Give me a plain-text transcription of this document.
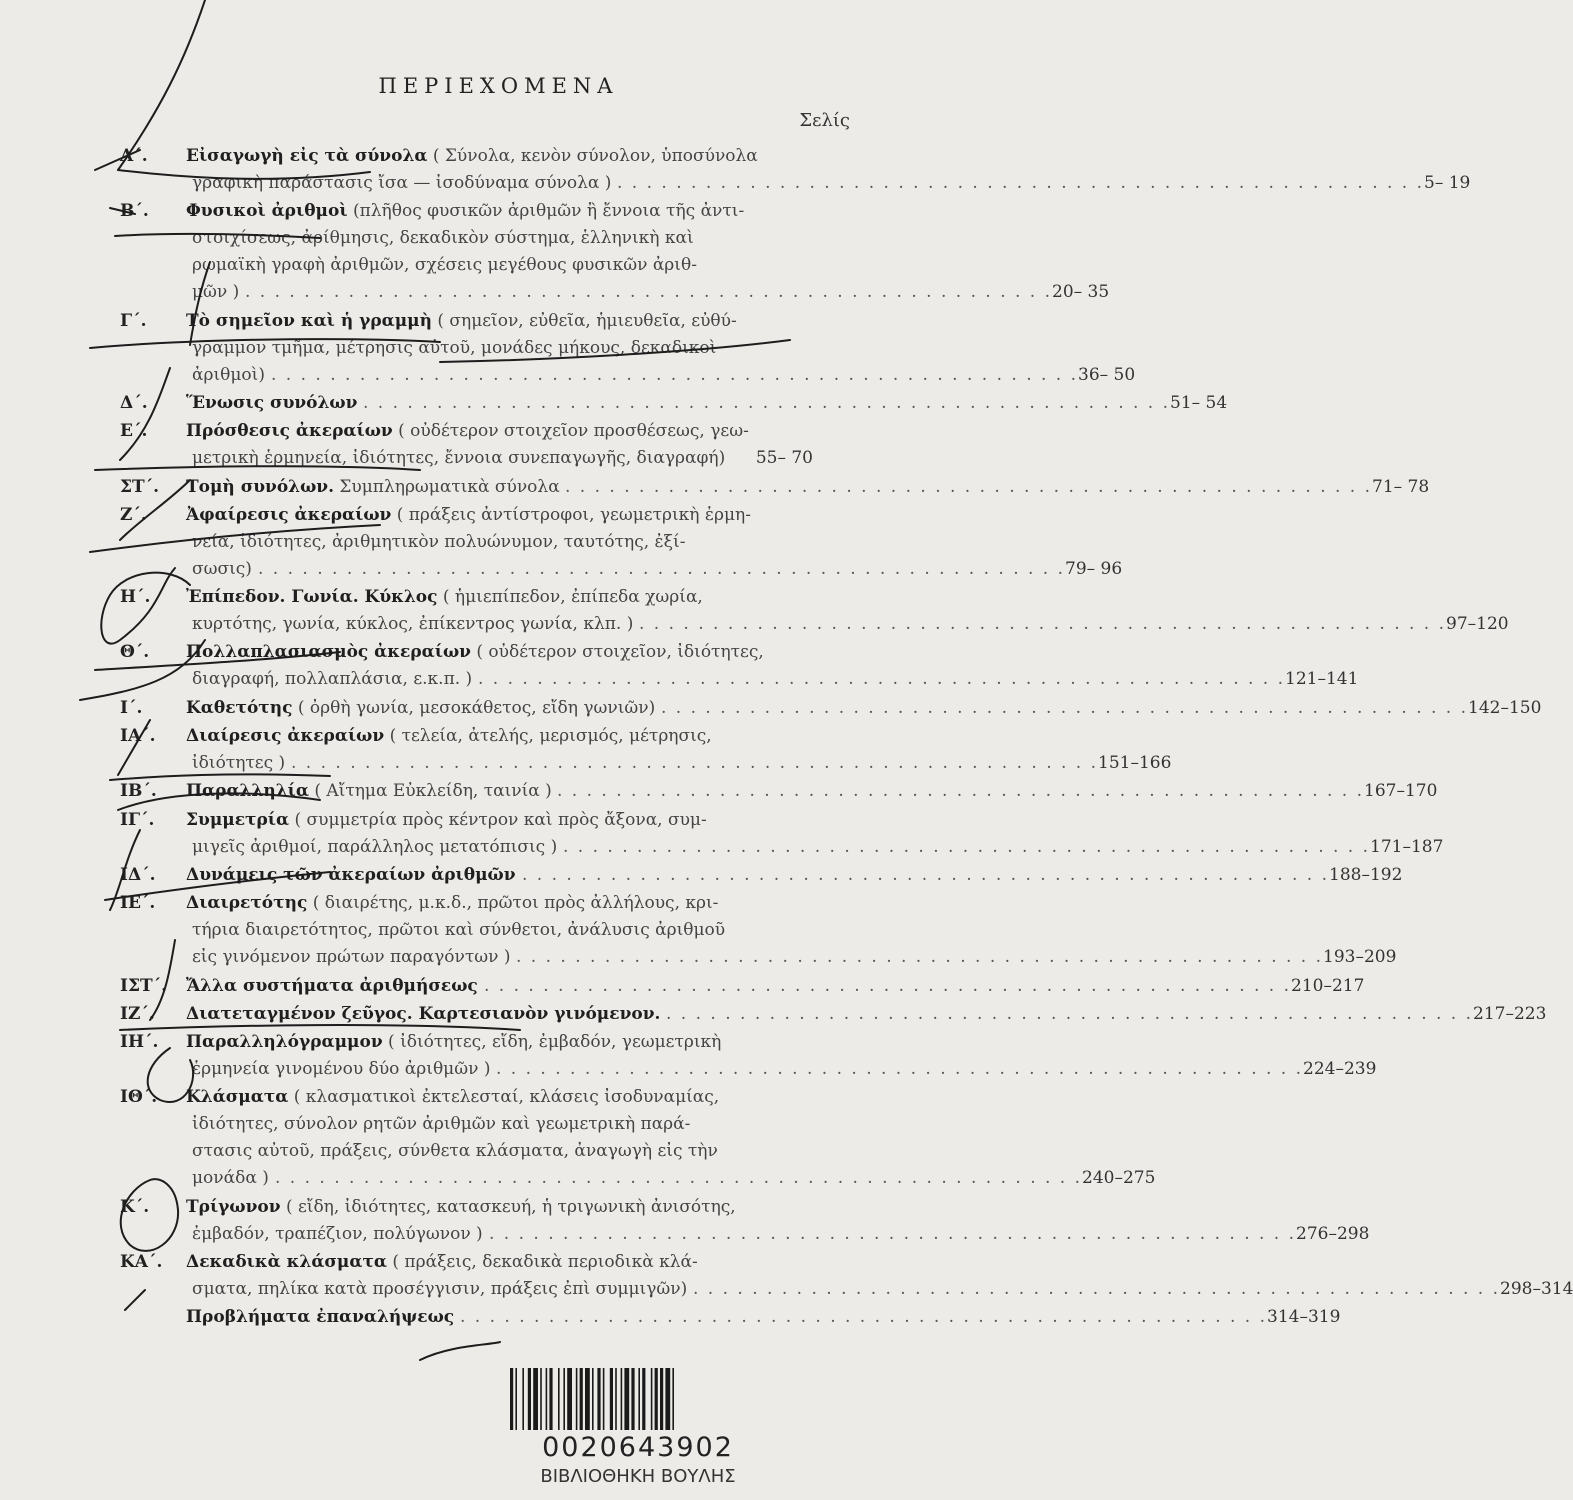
ΠΕΡΙΕΧΟΜΕΝΑ
Σελίς
Α΄. Εἰσαγωγὴ εἰς τὰ σύνολα ( Σύνολα, κενὸν σύνολον, ὑποσύνολα
γραφικὴ παράστασις ἴσα — ἰσοδύναμα σύνολα ) . . . . . . . . . . . . . . . . . . . . . . . . . . . . . . . . . . . . . . . . . . . . . . . . . . . . . . . 5– 19
Β΄. Φυσικοὶ ἀριθμοὶ (πλῆθος φυσικῶν ἀριθμῶν ἢ ἔννοια τῆς ἀντι-
στοιχίσεως, ἀρίθμησις, δεκαδικὸν σύστημα, ἑλληνικὴ καὶ
ρωμαϊκὴ γραφὴ ἀριθμῶν, σχέσεις μεγέθους φυσικῶν ἀριθ-
μῶν ) . . . . . . . . . . . . . . . . . . . . . . . . . . . . . . . . . . . . . . . . . . . . . . . . . . . . . . . 20– 35
Γ΄. Τὸ σημεῖον καὶ ἡ γραμμὴ ( σημεῖον, εὐθεῖα, ἡμιευθεῖα, εὐθύ-
γραμμον τμῆμα, μέτρησις αὐτοῦ, μονάδες μήκους, δεκαδικοὶ
ἀριθμοὶ) . . . . . . . . . . . . . . . . . . . . . . . . . . . . . . . . . . . . . . . . . . . . . . . . . . . . . . . 36– 50
Δ΄. Ἕνωσις συνόλων . . . . . . . . . . . . . . . . . . . . . . . . . . . . . . . . . . . . . . . . . . . . . . . . . . . . . . . 51– 54
Ε΄. Πρόσθεσις ἀκεραίων ( οὐδέτερον στοιχεῖον προσθέσεως, γεω-
μετρικὴ ἑρμηνεία, ἰδιότητες, ἔννοια συνεπαγωγῆς, διαγραφή)	55– 70
ΣΤ΄. Τομὴ συνόλων. Συμπληρωματικὰ σύνολα . . . . . . . . . . . . . . . . . . . . . . . . . . . . . . . . . . . . . . . . . . . . . . . . . . . . . . . 71– 78
Ζ΄. Ἀφαίρεσις ἀκεραίων ( πράξεις ἀντίστροφοι, γεωμετρικὴ ἑρμη-
νεία, ἰδιότητες, ἀριθμητικὸν πολυώνυμον, ταυτότης, ἐξί-
σωσις) . . . . . . . . . . . . . . . . . . . . . . . . . . . . . . . . . . . . . . . . . . . . . . . . . . . . . . . 79– 96
Η΄. Ἐπίπεδον. Γωνία. Κύκλος ( ἡμιεπίπεδον, ἐπίπεδα χωρία,
κυρτότης, γωνία, κύκλος, ἐπίκεντρος γωνία, κλπ. ) . . . . . . . . . . . . . . . . . . . . . . . . . . . . . . . . . . . . . . . . . . . . . . . . . . . . . . . 97–120
Θ΄. Πολλαπλασιασμὸς ἀκεραίων ( οὐδέτερον στοιχεῖον, ἰδιότητες,
διαγραφή, πολλαπλάσια, ε.κ.π. ) . . . . . . . . . . . . . . . . . . . . . . . . . . . . . . . . . . . . . . . . . . . . . . . . . . . . . . . 121–141
Ι΄.	Καθετότης ( ὀρθὴ γωνία, μεσοκάθετος, εἴδη γωνιῶν) . . . . . . . . . . . . . . . . . . . . . . . . . . . . . . . . . . . . . . . . . . . . . . . . . . . . . . . 142–150
ΙΑ΄. Διαίρεσις ἀκεραίων ( τελεία, ἀτελής, μερισμός, μέτρησις,
ἰδιότητες ) . . . . . . . . . . . . . . . . . . . . . . . . . . . . . . . . . . . . . . . . . . . . . . . . . . . . . . . 151–166
ΙΒ΄. Παραλληλία ( Αἴτημα Εὐκλείδη, ταινία ) . . . . . . . . . . . . . . . . . . . . . . . . . . . . . . . . . . . . . . . . . . . . . . . . . . . . . . . 167–170
ΙΓ΄. Συμμετρία ( συμμετρία πρὸς κέντρον καὶ πρὸς ἄξονα, συμ-
μιγεῖς ἀριθμοί, παράλληλος μετατόπισις ) . . . . . . . . . . . . . . . . . . . . . . . . . . . . . . . . . . . . . . . . . . . . . . . . . . . . . . . 171–187
ΙΔ΄. Δυνάμεις τῶν ἀκεραίων ἀριθμῶν . . . . . . . . . . . . . . . . . . . . . . . . . . . . . . . . . . . . . . . . . . . . . . . . . . . . . . . 188–192
ΙΕ΄. Διαιρετότης ( διαιρέτης, μ.κ.δ., πρῶτοι πρὸς ἀλλήλους, κρι-
τήρια διαιρετότητος, πρῶτοι καὶ σύνθετοι, ἀνάλυσις ἀριθμοῦ
εἰς γινόμενον πρώτων παραγόντων ) . . . . . . . . . . . . . . . . . . . . . . . . . . . . . . . . . . . . . . . . . . . . . . . . . . . . . . . 193–209
ΙΣΤ΄. Ἄλλα συστήματα ἀριθμήσεως . . . . . . . . . . . . . . . . . . . . . . . . . . . . . . . . . . . . . . . . . . . . . . . . . . . . . . . 210–217
ΙΖ΄. Διατεταγμένον ζεῦγος. Καρτεσιανὸν γινόμενον. . . . . . . . . . . . . . . . . . . . . . . . . . . . . . . . . . . . . . . . . . . . . . . . . . . . . . . . 217–223
ΙΗ΄. Παραλληλόγραμμον ( ἰδιότητες, εἴδη, ἐμβαδόν, γεωμετρικὴ
ἑρμηνεία γινομένου δύο ἀριθμῶν ) . . . . . . . . . . . . . . . . . . . . . . . . . . . . . . . . . . . . . . . . . . . . . . . . . . . . . . . 224–239
ΙΘ΄. Κλάσματα ( κλασματικοὶ ἐκτελεσταί, κλάσεις ἰσοδυναμίας,
ἰδιότητες, σύνολον ρητῶν ἀριθμῶν καὶ γεωμετρικὴ παρά-
στασις αὐτοῦ, πράξεις, σύνθετα κλάσματα, ἀναγωγὴ εἰς τὴν
μονάδα ) . . . . . . . . . . . . . . . . . . . . . . . . . . . . . . . . . . . . . . . . . . . . . . . . . . . . . . . 240–275
Κ΄. Τρίγωνον ( εἴδη, ἰδιότητες, κατασκευή, ἡ τριγωνικὴ ἀνισότης,
ἐμβαδόν, τραπέζιον, πολύγωνον ) . . . . . . . . . . . . . . . . . . . . . . . . . . . . . . . . . . . . . . . . . . . . . . . . . . . . . . . 276–298
ΚΑ΄. Δεκαδικὰ κλάσματα ( πράξεις, δεκαδικὰ περιοδικὰ κλά-
σματα, πηλίκα κατὰ προσέγγισιν, πράξεις ἐπὶ συμμιγῶν) . . . . . . . . . . . . . . . . . . . . . . . . . . . . . . . . . . . . . . . . . . . . . . . . . . . . . . . 298–314
Προβλήματα ἐπαναλήψεως . . . . . . . . . . . . . . . . . . . . . . . . . . . . . . . . . . . . . . . . . . . . . . . . . . . . . . . 314–319
0020643902
ΒΙΒΛΙΟΘΗΚΗ ΒΟΥΛΗΣ
